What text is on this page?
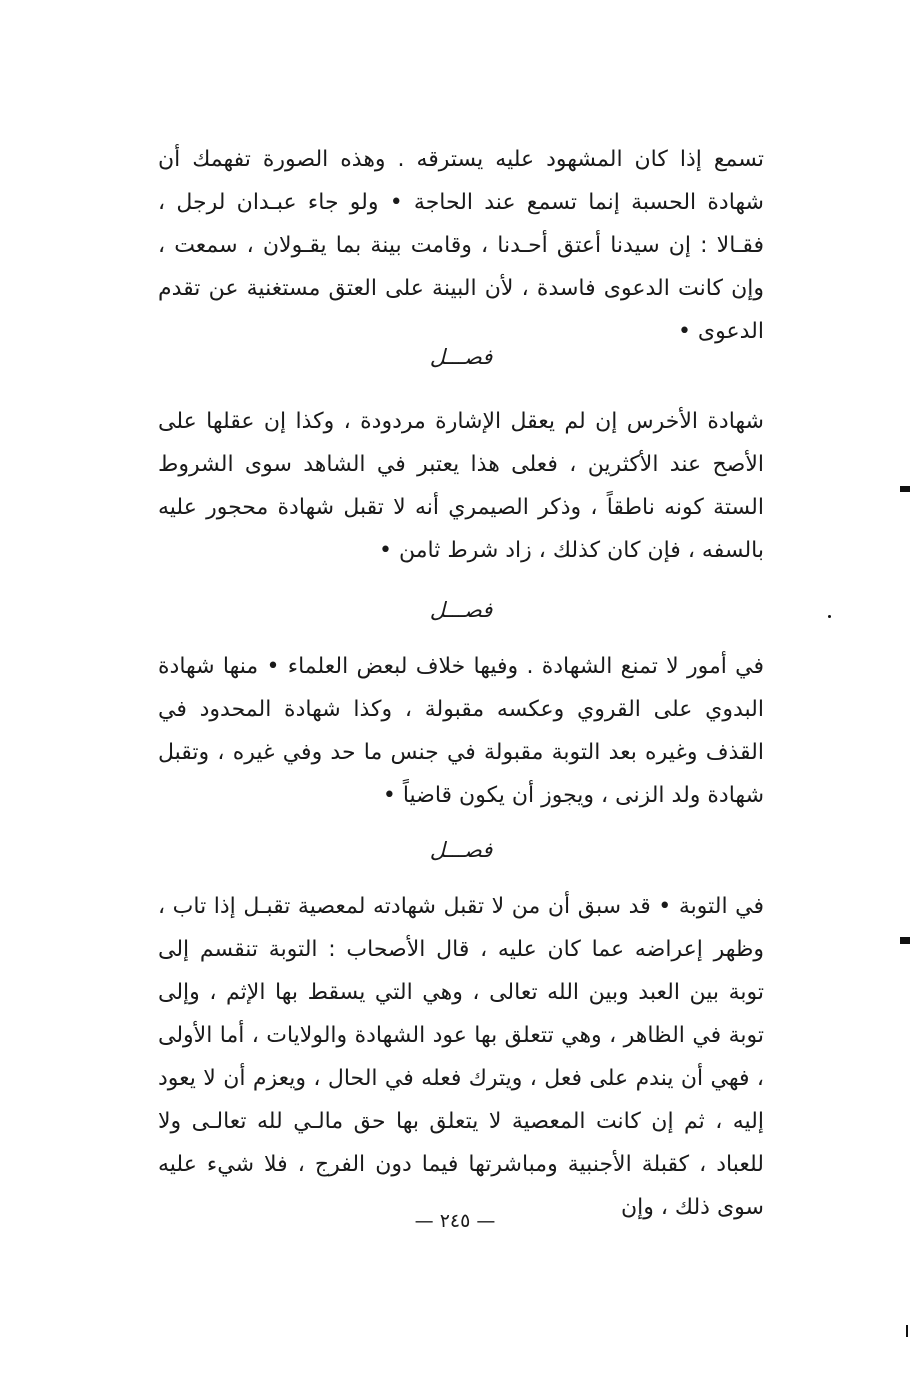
تسمع إذا كان المشهود عليه يسترقه . وهذه الصورة تفهمك أن شهادة الحسبة إنما تسمع عند الحاجة • ولو جاء عبـدان لرجل ، فقـالا : إن سيدنا أعتق أحـدنا ، وقامت بينة بما يقـولان ، سمعت ، وإن كانت الدعوى فاسدة ، لأن البينة على العتق مستغنية عن تقدم الدعوى •

فصـــل

شهادة الأخرس إن لم يعقل الإشارة مردودة ، وكذا إن عقلها على الأصح عند الأكثرين ، فعلى هذا يعتبر في الشاهد سوى الشروط الستة كونه ناطقاً ، وذكر الصيمري أنه لا تقبل شهادة محجور عليه بالسفه ، فإن كان كذلك ، زاد شرط ثامن •

فصـــل

في أمور لا تمنع الشهادة . وفيها خلاف لبعض العلماء • منها شهادة البدوي على القروي وعكسه مقبولة ، وكذا شهادة المحدود في القذف وغيره بعد التوبة مقبولة في جنس ما حد وفي غيره ، وتقبل شهادة ولد الزنى ، ويجوز أن يكون قاضياً •

فصـــل

في التوبة • قد سبق أن من لا تقبل شهادته لمعصية تقبـل إذا تاب ، وظهر إعراضه عما كان عليه ، قال الأصحاب : التوبة تنقسم إلى توبة بين العبد وبين الله تعالى ، وهي التي يسقط بها الإثم ، وإلى توبة في الظاهر ، وهي تتعلق بها عود الشهادة والولايات ، أما الأولى ، فهي أن يندم على فعل ، ويترك فعله في الحال ، ويعزم أن لا يعود إليه ، ثم إن كانت المعصية لا يتعلق بها حق مالـي لله تعالـى ولا للعباد ، كقبلة الأجنبية ومباشرتها فيما دون الفرج ، فلا شيء عليه سوى ذلك ، وإن

— ٢٤٥ —
